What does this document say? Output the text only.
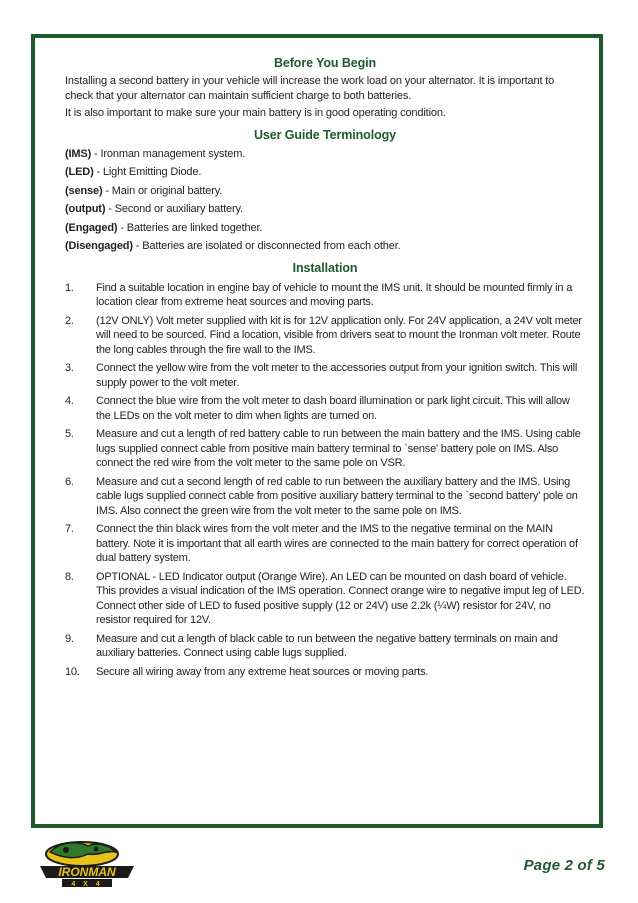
Before You Begin

Installing a second battery in your vehicle will increase the work load on your alternator. It is important to check that your alternator can maintain sufficient charge to both batteries.

It is also important to make sure your main battery is in good operating condition.

User Guide Terminology

(IMS) - Ironman management system.

(LED) - Light Emitting Diode.

(sense) - Main or original battery.

(output) - Second or auxiliary battery.

(Engaged) - Batteries are linked together.

(Disengaged) - Batteries are isolated or disconnected from each other.

Installation
1. Find a suitable location in engine bay of vehicle to mount the IMS unit. It should be mounted firmly in a location clear from extreme heat sources and moving parts.
2. (12V ONLY) Volt meter supplied with kit is for 12V application only. For 24V application, a 24V volt meter will need to be sourced. Find a location, visible from drivers seat to mount the Ironman volt meter. Route the long cables through the fire wall to the IMS.
3. Connect the yellow wire from the volt meter to the accessories output from your ignition switch. This will supply power to the volt meter.
4. Connect the blue wire from the volt meter to dash board illumination or park light circuit. This will allow the LEDs on the volt meter to dim when lights are turned on.
5. Measure and cut a length of red battery cable to run between the main battery and the IMS. Using cable lugs supplied connect cable from positive main battery terminal to `sense' battery pole on IMS. Also connect the red wire from the volt meter to the same pole on VSR.
6. Measure and cut a second length of red cable to run between the auxiliary battery and the IMS. Using cable lugs supplied connect cable from positive auxiliary battery terminal to the `second battery' pole on IMS. Also connect the green wire from the volt meter to the same pole on IMS.
7. Connect the thin black wires from the volt meter and the IMS to the negative terminal on the MAIN battery. Note it is important that all earth wires are connected to the main battery for correct operation of dual battery system.
8. OPTIONAL - LED Indicator output (Orange Wire). An LED can be mounted on dash board of vehicle. This provides a visual indication of the IMS operation. Connect orange wire to negative imput leg of LED. Connect other side of LED to fused positive supply (12 or 24V) use 2.2k (¼W) resistor for 24V, no resistor required for 12V.
9. Measure and cut a length of black cable to run between the negative battery terminals on main and auxiliary batteries. Connect using cable lugs supplied.
10. Secure all wiring away from any extreme heat sources or moving parts.
IRONMAN
4 X 4
Page 2 of 5
